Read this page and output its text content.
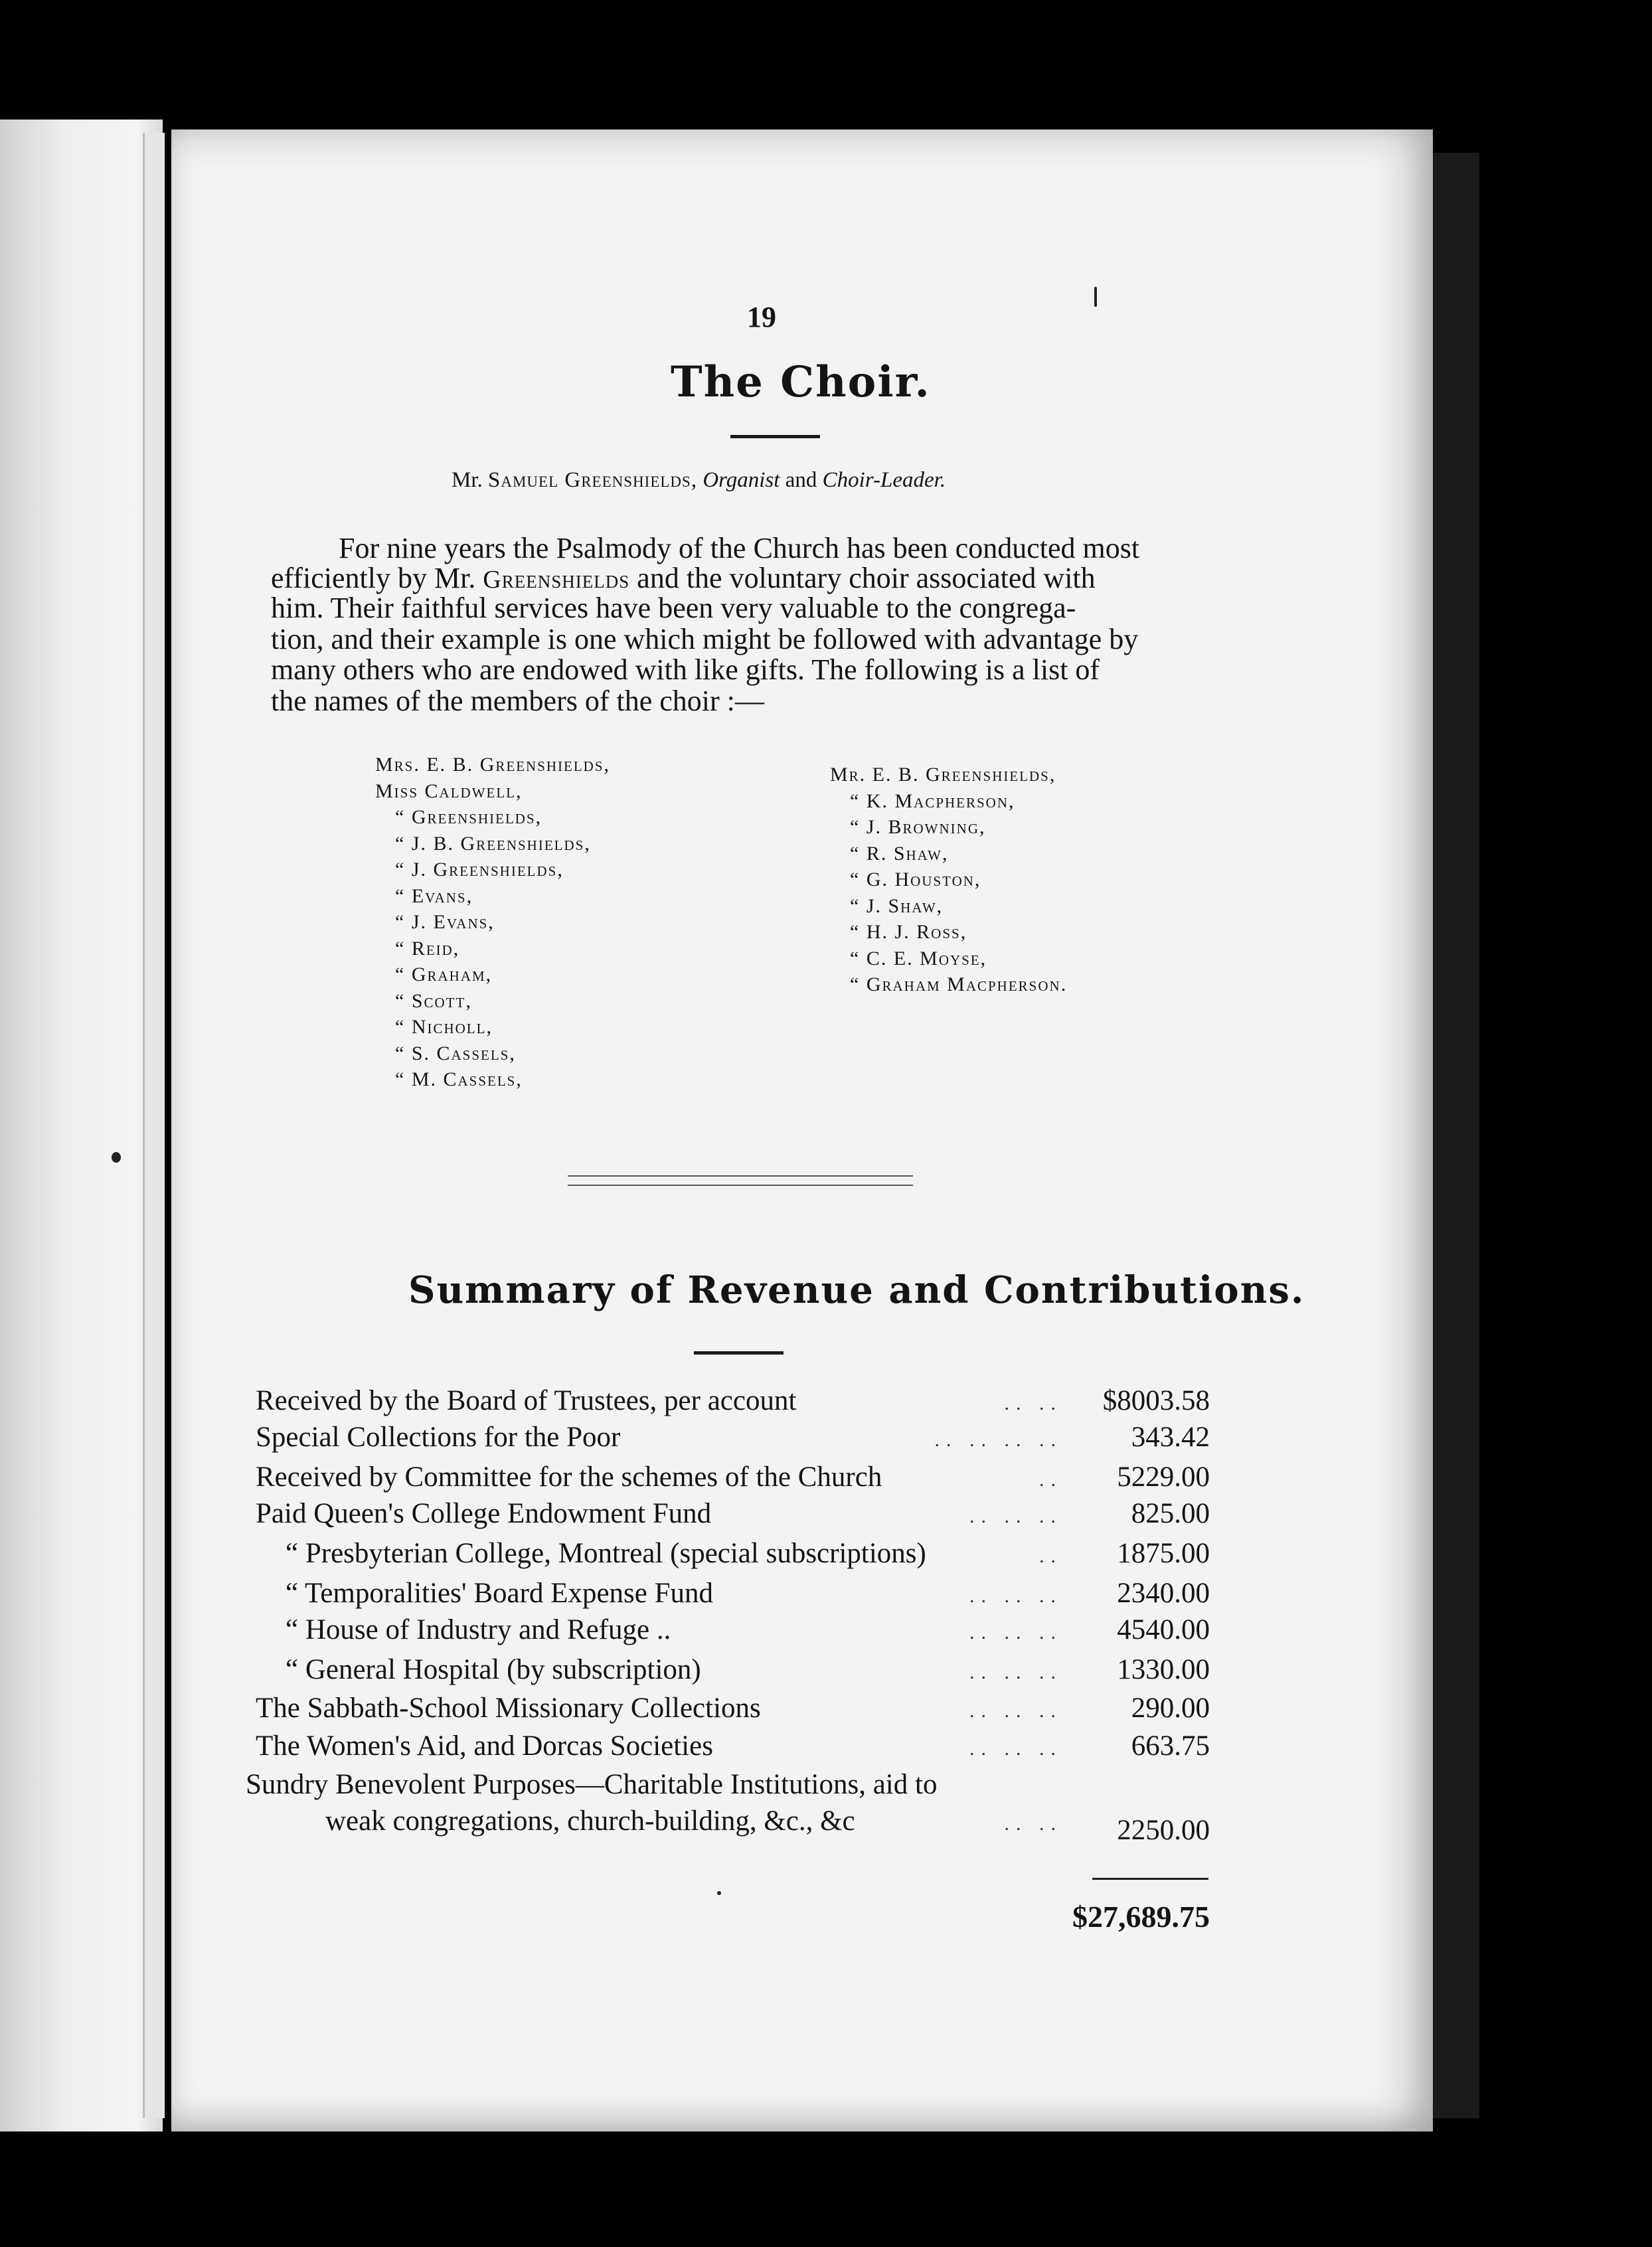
19
The Choir.
Mr. Samuel Greenshields, Organist and Choir-Leader.
For nine years the Psalmody of the Church has been conducted most
efficiently by Mr. Greenshields and the voluntary choir associated with
him. Their faithful services have been very valuable to the congrega-
tion, and their example is one which might be followed with advantage by
many others who are endowed with like gifts. The following is a list of
the names of the members of the choir :—
Mrs. E. B. Greenshields,
Miss Caldwell,
“ Greenshields,
“ J. B. Greenshields,
“ J. Greenshields,
“ Evans,
“ J. Evans,
“ Reid,
“ Graham,
“ Scott,
“ Nicholl,
“ S. Cassels,
“ M. Cassels,
Mr. E. B. Greenshields,
“ K. Macpherson,
“ J. Browning,
“ R. Shaw,
“ G. Houston,
“ J. Shaw,
“ H. J. Ross,
“ C. E. Moyse,
“ Graham Macpherson.
Summary of Revenue and Contributions.
Received by the Board of Trustees, per account	.. ..	$8003.58
Special Collections for the Poor	.. .. .. ..	343.42
Received by Committee for the schemes of the Church	..	5229.00
Paid Queen's College Endowment Fund	.. .. ..	825.00
“ Presbyterian College, Montreal (special subscriptions)	..	1875.00
“ Temporalities' Board Expense Fund	.. .. ..	2340.00
“ House of Industry and Refuge ..	.. .. ..	4540.00
“ General Hospital (by subscription)	.. .. ..	1330.00
The Sabbath-School Missionary Collections	.. .. ..	290.00
The Women's Aid, and Dorcas Societies	.. .. ..	663.75
Sundry Benevolent Purposes—Charitable Institutions, aid to
weak congregations, church-building, &c., &c	.. ..	2250.00
$27,689.75
